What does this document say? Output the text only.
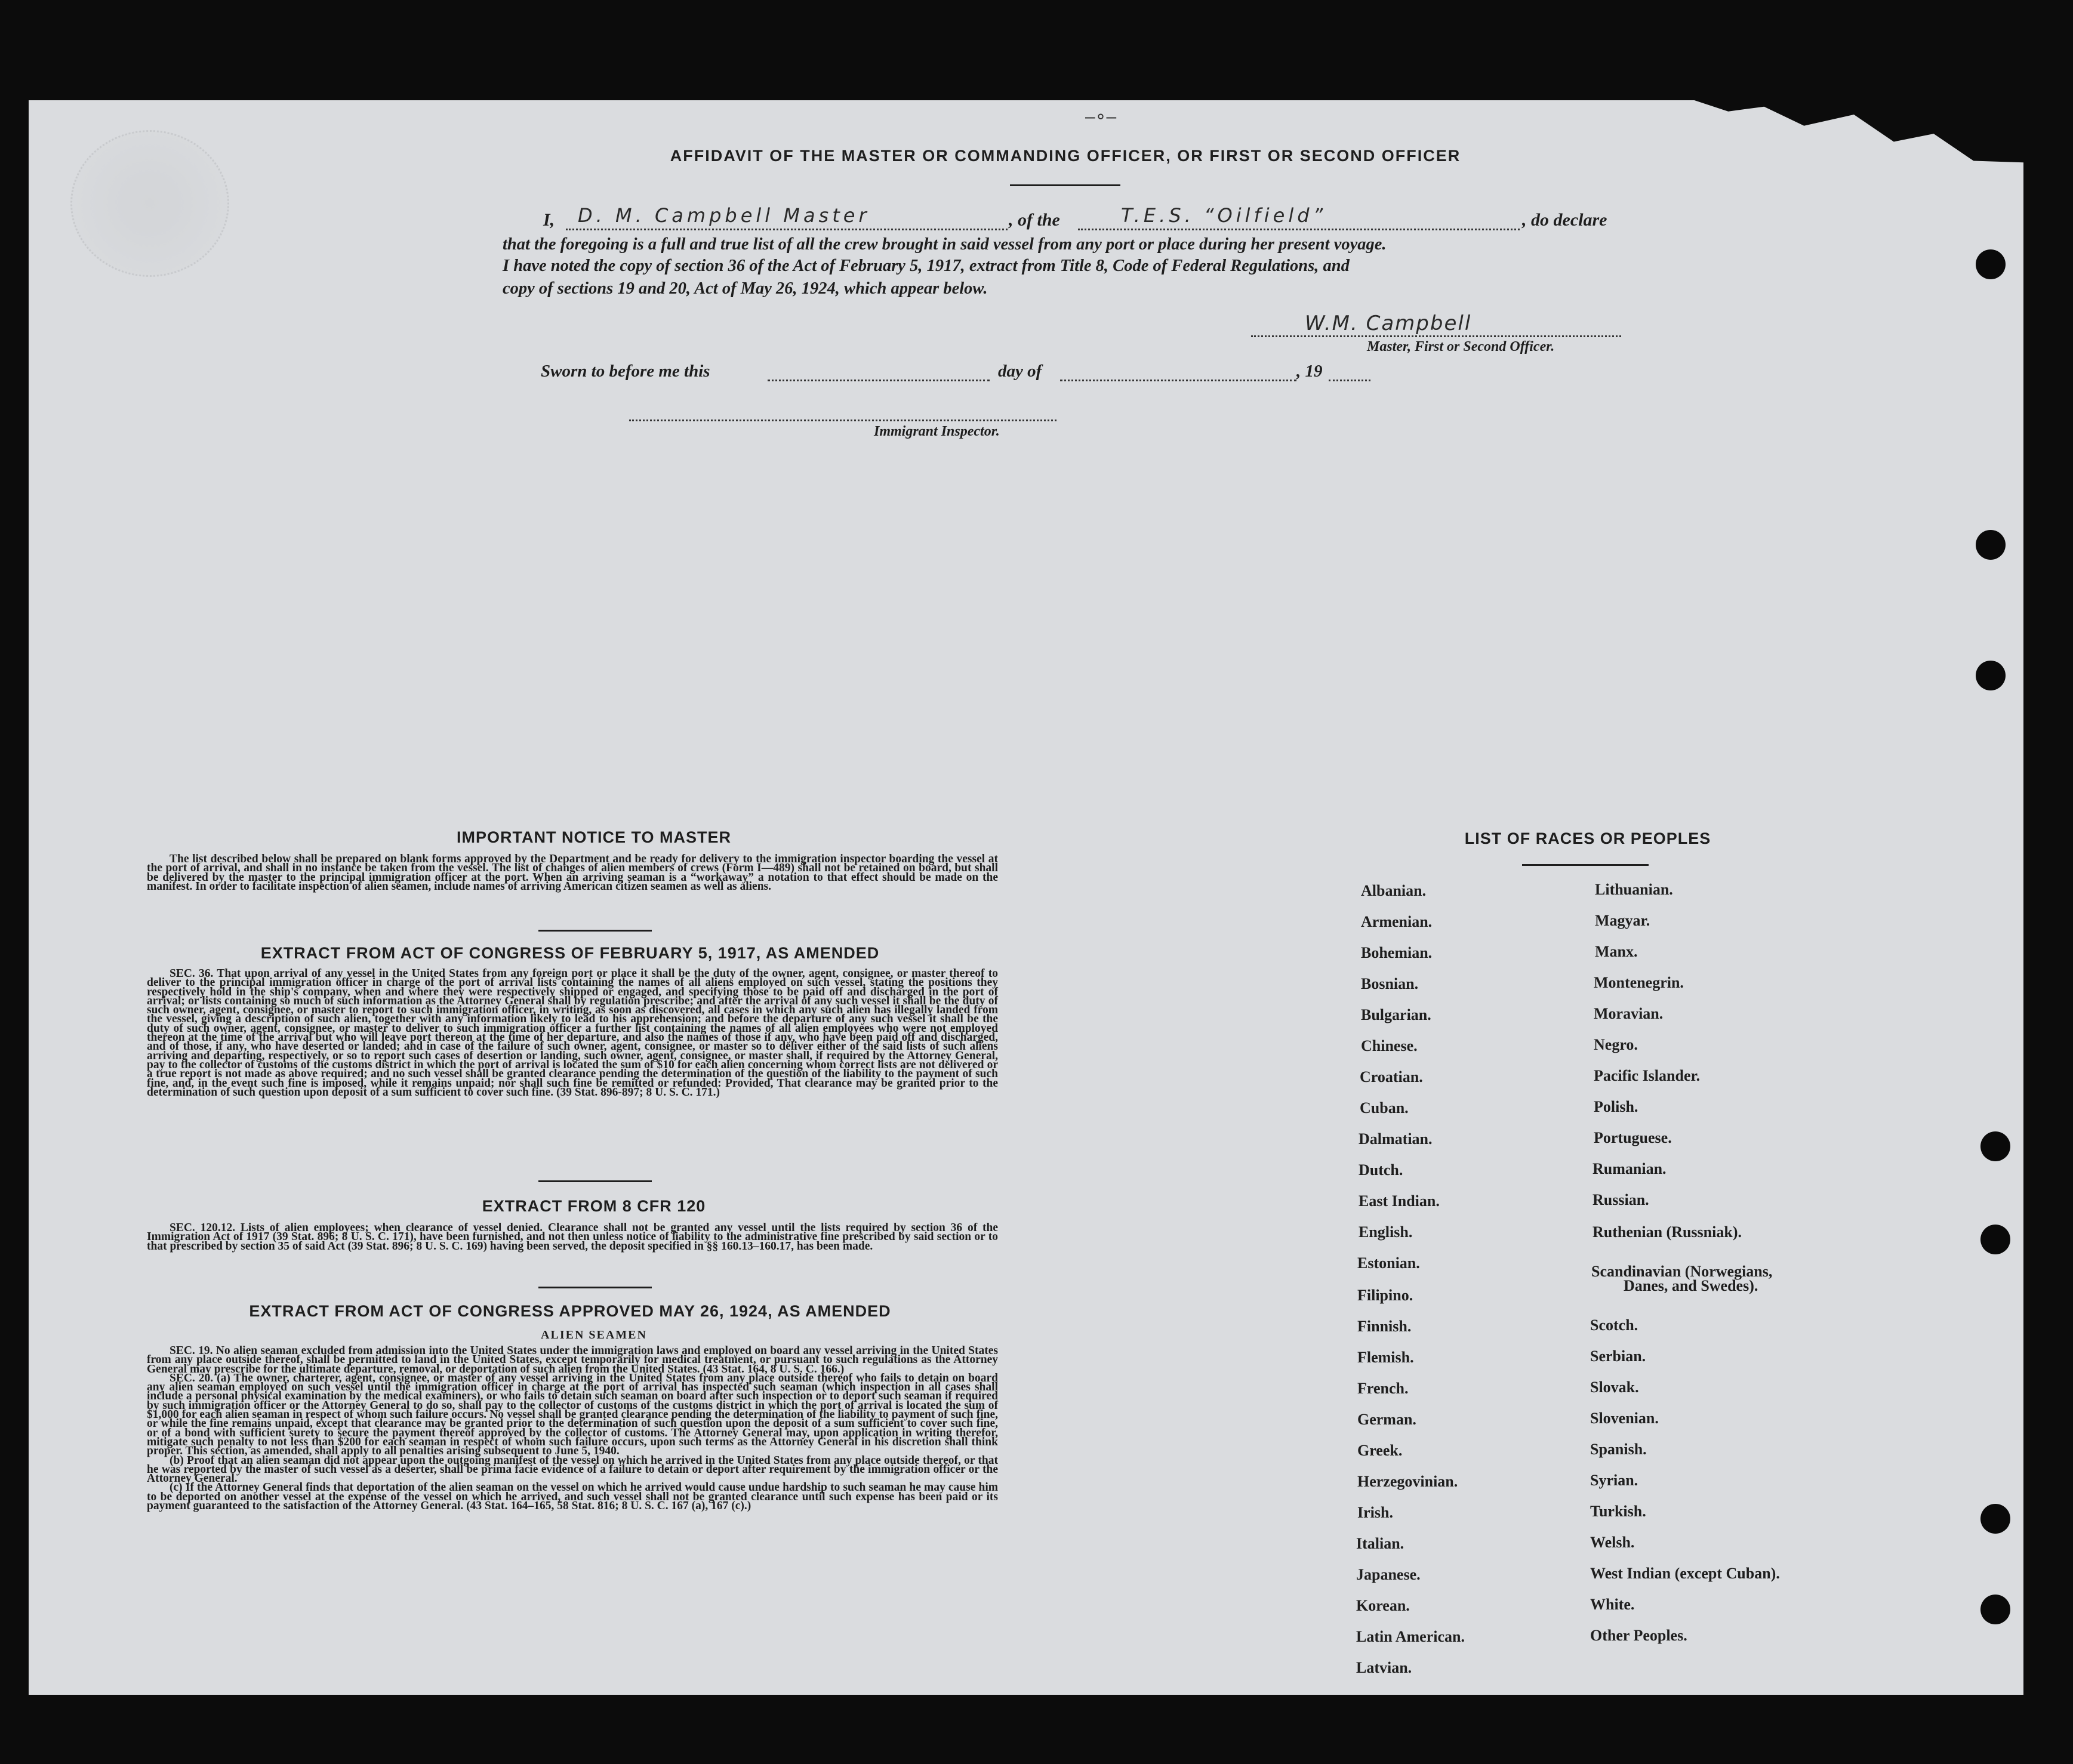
–∘–
AFFIDAVIT OF THE MASTER OR COMMANDING OFFICER, OR FIRST OR SECOND OFFICER
I, D. M. Campbell Master	, of the	T.E.S. “Oilfield”	, do declare
that the foregoing is a full and true list of all the crew brought in said vessel from any port or place during her present voyage.
I have noted the copy of section 36 of the Act of February 5, 1917, extract from Title 8, Code of Federal Regulations, and
copy of sections 19 and 20, Act of May 26, 1924, which appear below.
W.M. Campbell
Master, First or Second Officer.
Sworn to before me this	day of	, 19
Immigrant Inspector.
IMPORTANT NOTICE TO MASTER

The list described below shall be prepared on blank forms approved by the Department and be ready for delivery to the immigration inspector boarding the vessel at the port of arrival, and shall in no instance be taken from the vessel. The list of changes of alien members of crews (Form I—489) shall not be retained on board, but shall be delivered by the master to the principal immigration officer at the port. When an arriving seaman is a “workaway” a notation to that effect should be made on the manifest. In order to facilitate inspection of alien seamen, include names of arriving American citizen seamen as well as aliens.

EXTRACT FROM ACT OF CONGRESS OF FEBRUARY 5, 1917, AS AMENDED

SEC. 36. That upon arrival of any vessel in the United States from any foreign port or place it shall be the duty of the owner, agent, consignee, or master thereof to deliver to the principal immigration officer in charge of the port of arrival lists containing the names of all aliens employed on such vessel, stating the positions they respectively hold in the ship's company, when and where they were respectively shipped or engaged, and specifying those to be paid off and discharged in the port of arrival; or lists containing so much of such information as the Attorney General shall by regulation prescribe; and after the arrival of any such vessel it shall be the duty of such owner, agent, consignee, or master to report to such immigration officer, in writing, as soon as discovered, all cases in which any such alien has illegally landed from the vessel, giving a description of such alien, together with any information likely to lead to his apprehension; and before the departure of any such vessel it shall be the duty of such owner, agent, consignee, or master to deliver to such immigration officer a further list containing the names of all alien employees who were not employed thereon at the time of the arrival but who will leave port thereon at the time of her departure, and also the names of those if any, who have been paid off and discharged, and of those, if any, who have deserted or landed; and in case of the failure of such owner, agent, consignee, or master so to deliver either of the said lists of such aliens arriving and departing, respectively, or so to report such cases of desertion or landing, such owner, agent, consignee, or master shall, if required by the Attorney General, pay to the collector of customs of the customs district in which the port of arrival is located the sum of $10 for each alien concerning whom correct lists are not delivered or a true report is not made as above required; and no such vessel shall be granted clearance pending the determination of the question of the liability to the payment of such fine, and, in the event such fine is imposed, while it remains unpaid; nor shall such fine be remitted or refunded: Provided, That clearance may be granted prior to the determination of such question upon deposit of a sum sufficient to cover such fine. (39 Stat. 896-897; 8 U. S. C. 171.)

EXTRACT FROM 8 CFR 120

SEC. 120.12. Lists of alien employees; when clearance of vessel denied. Clearance shall not be granted any vessel until the lists required by section 36 of the Immigration Act of 1917 (39 Stat. 896; 8 U. S. C. 171), have been furnished, and not then unless notice of liability to the administrative fine prescribed by said section or to that prescribed by section 35 of said Act (39 Stat. 896; 8 U. S. C. 169) having been served, the deposit specified in §§ 160.13–160.17, has been made.

EXTRACT FROM ACT OF CONGRESS APPROVED MAY 26, 1924, AS AMENDED
ALIEN SEAMEN

SEC. 19. No alien seaman excluded from admission into the United States under the immigration laws and employed on board any vessel arriving in the United States from any place outside thereof, shall be permitted to land in the United States, except temporarily for medical treatment, or pursuant to such regulations as the Attorney General may prescribe for the ultimate departure, removal, or deportation of such alien from the United States. (43 Stat. 164, 8 U. S. C. 166.)

SEC. 20. (a) The owner, charterer, agent, consignee, or master of any vessel arriving in the United States from any place outside thereof who fails to detain on board any alien seaman employed on such vessel until the immigration officer in charge at the port of arrival has inspected such seaman (which inspection in all cases shall include a personal physical examination by the medical examiners), or who fails to detain such seaman on board after such inspection or to deport such seaman if required by such immigration officer or the Attorney General to do so, shall pay to the collector of customs of the customs district in which the port of arrival is located the sum of $1,000 for each alien seaman in respect of whom such failure occurs. No vessel shall be granted clearance pending the determination of the liability to payment of such fine, or while the fine remains unpaid, except that clearance may be granted prior to the determination of such question upon the deposit of a sum sufficient to cover such fine, or of a bond with sufficient surety to secure the payment thereof approved by the collector of customs. The Attorney General may, upon application in writing therefor, mitigate such penalty to not less than $200 for each seaman in respect of whom such failure occurs, upon such terms as the Attorney General in his discretion shall think proper. This section, as amended, shall apply to all penalties arising subsequent to June 5, 1940.

(b) Proof that an alien seaman did not appear upon the outgoing manifest of the vessel on which he arrived in the United States from any place outside thereof, or that he was reported by the master of such vessel as a deserter, shall be prima facie evidence of a failure to detain or deport after requirement by the immigration officer or the Attorney General.

(c) If the Attorney General finds that deportation of the alien seaman on the vessel on which he arrived would cause undue hardship to such seaman he may cause him to be deported on another vessel at the expense of the vessel on which he arrived, and such vessel shall not be granted clearance until such expense has been paid or its payment guaranteed to the satisfaction of the Attorney General. (43 Stat. 164–165, 58 Stat. 816; 8 U. S. C. 167 (a), 167 (c).)

LIST OF RACES OR PEOPLES
Albanian.
Armenian.
Bohemian.
Bosnian.
Bulgarian.
Chinese.
Croatian.
Cuban.
Dalmatian.
Dutch.
East Indian.
English.
Estonian.
Filipino.
Finnish.
Flemish.
French.
German.
Greek.
Herzegovinian.
Irish.
Italian.
Japanese.
Korean.
Latin American.
Latvian.
Lithuanian.
Magyar.
Manx.
Montenegrin.
Moravian.
Negro.
Pacific Islander.
Polish.
Portuguese.
Rumanian.
Russian.
Ruthenian (Russniak).
Scandinavian (Norwegians,
Danes, and Swedes).
Scotch.
Serbian.
Slovak.
Slovenian.
Spanish.
Syrian.
Turkish.
Welsh.
West Indian (except Cuban).
White.
Other Peoples.
